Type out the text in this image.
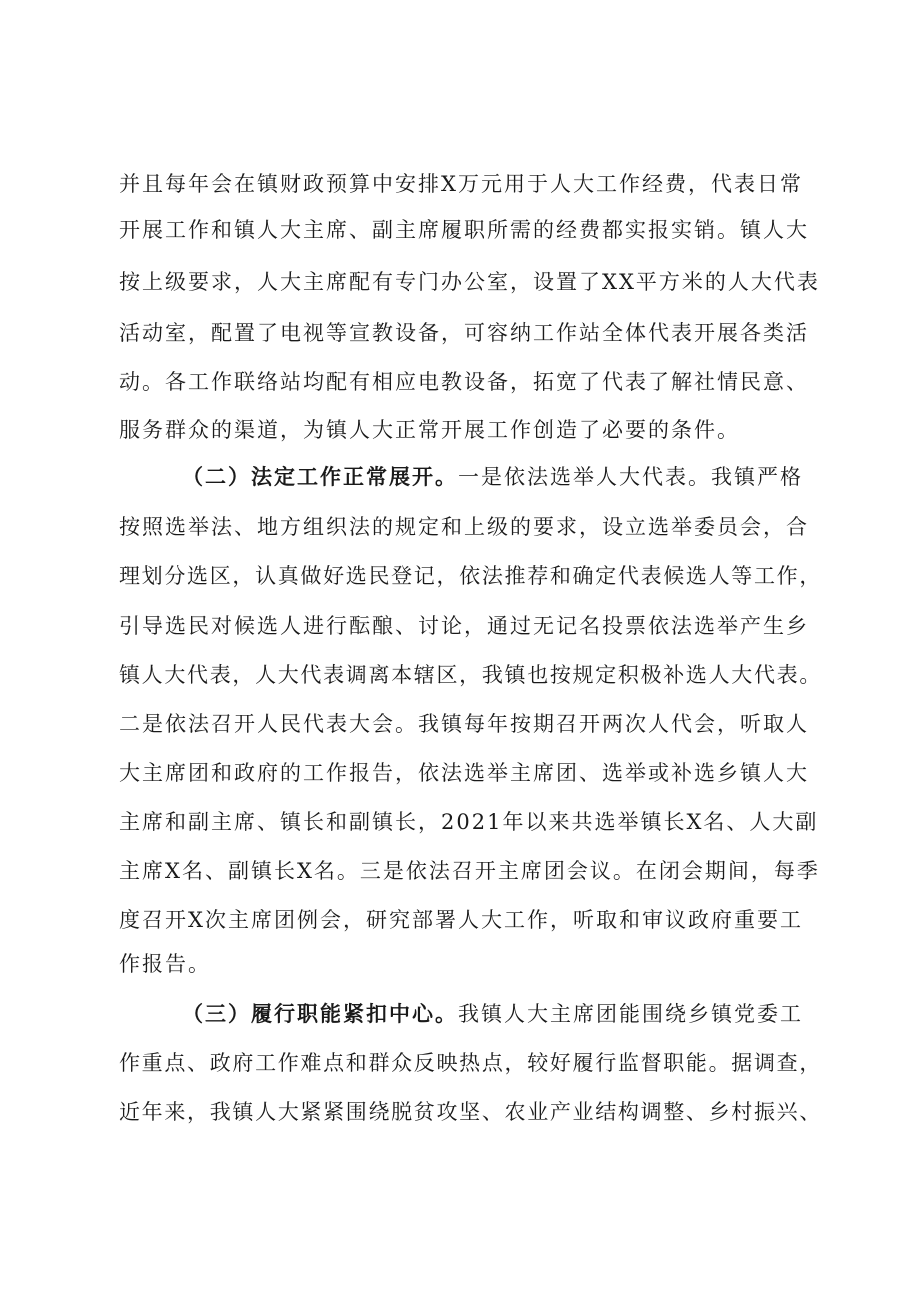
并且每年会在镇财政预算中安排X万元用于人大工作经费，代表日常
开展工作和镇人大主席、副主席履职所需的经费都实报实销。镇人大
按上级要求，人大主席配有专门办公室，设置了XX平方米的人大代表
活动室，配置了电视等宣教设备，可容纳工作站全体代表开展各类活
动。各工作联络站均配有相应电教设备，拓宽了代表了解社情民意、
服务群众的渠道，为镇人大正常开展工作创造了必要的条件。
（二）法定工作正常展开。一是依法选举人大代表。我镇严格
按照选举法、地方组织法的规定和上级的要求，设立选举委员会，合
理划分选区，认真做好选民登记，依法推荐和确定代表候选人等工作，
引导选民对候选人进行酝酿、讨论，通过无记名投票依法选举产生乡
镇人大代表，人大代表调离本辖区，我镇也按规定积极补选人大代表。
二是依法召开人民代表大会。我镇每年按期召开两次人代会，听取人
大主席团和政府的工作报告，依法选举主席团、选举或补选乡镇人大
主席和副主席、镇长和副镇长，2021年以来共选举镇长X名、人大副
主席X名、副镇长X名。三是依法召开主席团会议。在闭会期间，每季
度召开X次主席团例会，研究部署人大工作，听取和审议政府重要工
作报告。
（三）履行职能紧扣中心。我镇人大主席团能围绕乡镇党委工
作重点、政府工作难点和群众反映热点，较好履行监督职能。据调查，
近年来，我镇人大紧紧围绕脱贫攻坚、农业产业结构调整、乡村振兴、
